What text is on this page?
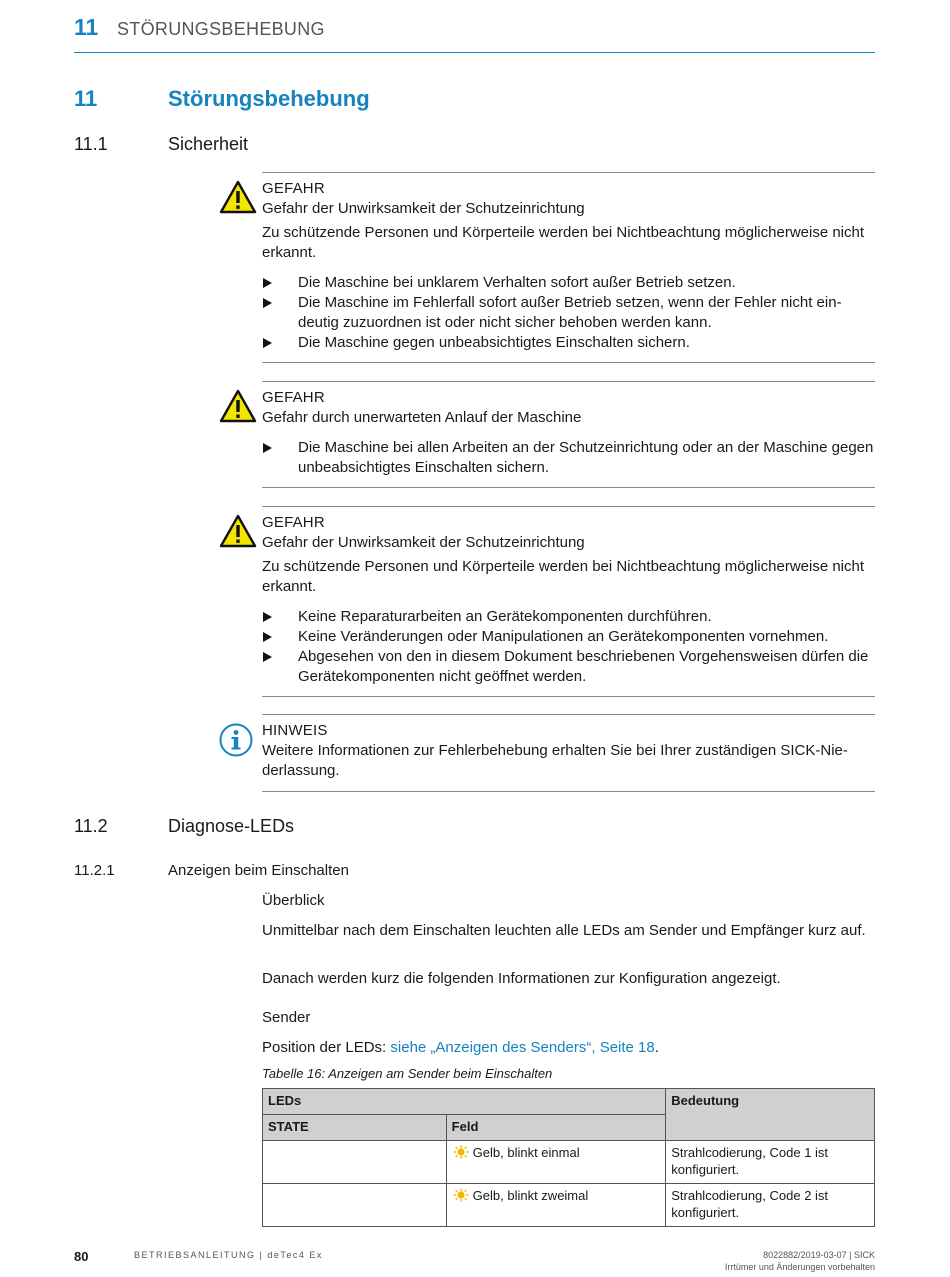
11 STÖRUNGSBEHEBUNG
11	Störungsbehebung
11.1	Sicherheit

GEFAHR

Gefahr der Unwirksamkeit der Schutzeinrichtung

Zu schützende Personen und Körperteile werden bei Nichtbeachtung möglicherweise nicht erkannt.

Die Maschine bei unklarem Verhalten sofort außer Betrieb setzen.
Die Maschine im Fehlerfall sofort außer Betrieb setzen, wenn der Fehler nicht eindeutig zuzuordnen ist oder nicht sicher behoben werden kann.
Die Maschine gegen unbeabsichtigtes Einschalten sichern.

GEFAHR

Gefahr durch unerwarteten Anlauf der Maschine

Die Maschine bei allen Arbeiten an der Schutzeinrichtung oder an der Maschine gegen unbeabsichtigtes Einschalten sichern.

GEFAHR

Gefahr der Unwirksamkeit der Schutzeinrichtung

Zu schützende Personen und Körperteile werden bei Nichtbeachtung möglicherweise nicht erkannt.

Keine Reparaturarbeiten an Gerätekomponenten durchführen.
Keine Veränderungen oder Manipulationen an Gerätekomponenten vornehmen.
Abgesehen von den in diesem Dokument beschriebenen Vorgehensweisen dürfen die Gerätekomponenten nicht geöffnet werden.

HINWEIS

Weitere Informationen zur Fehlerbehebung erhalten Sie bei Ihrer zuständigen SICK-Niederlassung.

11.2	Diagnose-LEDs
11.2.1	Anzeigen beim Einschalten
Überblick
Unmittelbar nach dem Einschalten leuchten alle LEDs am Sender und Empfänger kurz auf.
Danach werden kurz die folgenden Informationen zur Konfiguration angezeigt.
Sender
Position der LEDs: siehe „Anzeigen des Senders“, Seite 18.
Tabelle 16: Anzeigen am Sender beim Einschalten
LEDs		Bedeutung
STATE	Feld	
	Gelb, blinkt einmal	Strahlcodierung, Code 1 ist konfiguriert.
	Gelb, blinkt zweimal	Strahlcodierung, Code 2 ist konfiguriert.
80	BETRIEBSANLEITUNG | deTec4 Ex	8022882/2019-03-07 | SICK
Irrtümer und Änderungen vorbehalten
